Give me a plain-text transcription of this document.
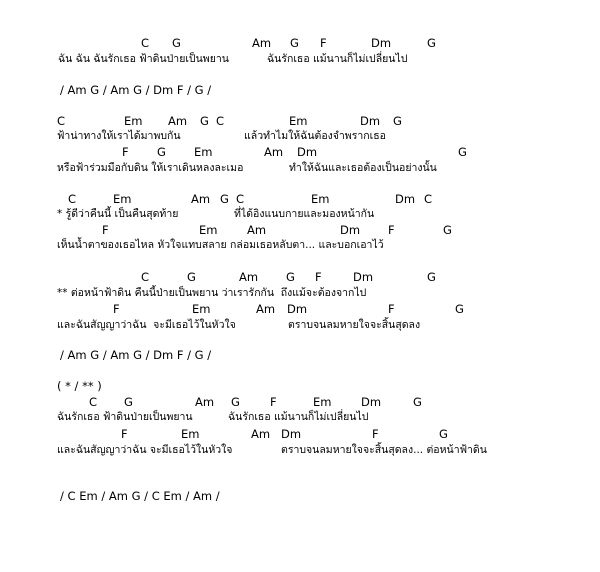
C G	Am G F	Dm	G
ฉัน ฉัน ฉันรักเธอ ฟ้าดินป่ายเป็นพยาน	ฉันรักเธอ แม้นานก็ไม่เปลี่ยนไป
/ Am G / Am G / Dm F / G /
C	Em Am G C	Em	Dm G
ฟ้าน่าทางให้เราได้มาพบกัน	แล้วทำไมให้ฉันต้องจำพรากเธอ
F G Em	Am Dm	G
หรือฟ้าร่วมมือกับดิน ให้เราเดินหลงละเมอ	ทำให้ฉันและเธอต้องเป็นอย่างนั้น
C	Em	Am G C	Em	Dm C
* รู้ดีว่าคืนนี้ เป็นคืนสุดท้าย	ที่ได้อิงแนบกายและมองหน้ากัน
F	Em	Am	Dm F	G
เห็นน้ำตาของเธอไหล หัวใจแทบสลาย กล่อมเธอหลับตา... และบอกเอาไว้
C	G	Am G F	Dm	G
** ต่อหน้าฟ้าดิน คืนนี้ป่ายเป็นพยาน ว่าเรารักกัน  ถึงแม้จะต้องจากไป
F	Em	Am Dm	F	G
และฉันสัญญาว่าฉัน  จะมีเธอไว้ในหัวใจ	ตราบจนลมหายใจจะสิ้นสุดลง
/ Am G / Am G / Dm F / G /
( * / ** )
C G	Am G	F	Em	Dm	G
ฉันรักเธอ ฟ้าดินป่ายเป็นพยาน	ฉันรักเธอ แม้นานก็ไม่เปลี่ยนไป
F	Em	Am Dm	F	G
และฉันสัญญาว่าฉัน จะมีเธอไว้ในหัวใจ	ตราบจนลมหายใจจะสิ้นสุดลง... ต่อหน้าฟ้าดิน
/ C Em / Am G / C Em / Am /
